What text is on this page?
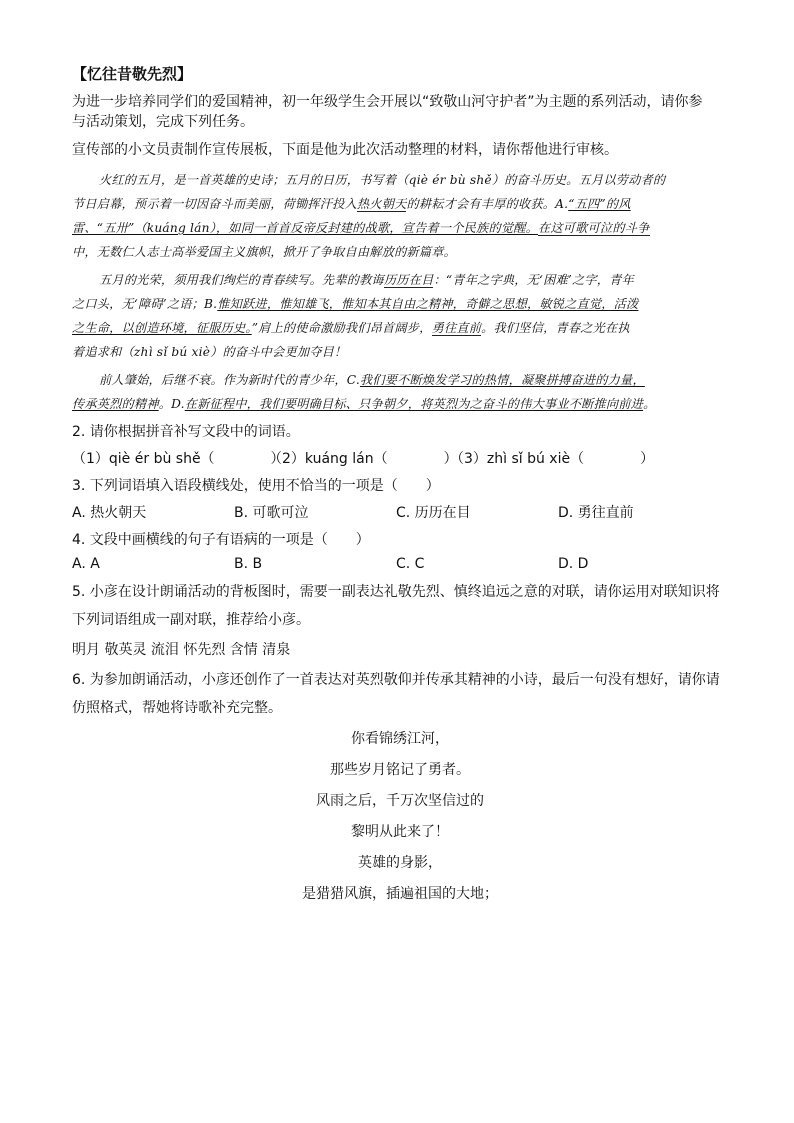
【忆往昔敬先烈】

为进一步培养同学们的爱国精神，初一年级学生会开展以“致敬山河守护者”为主题的系列活动，请你参

与活动策划，完成下列任务。

宣传部的小文员责制作宣传展板，下面是他为此次活动整理的材料，请你帮他进行审核。

火红的五月，是一首英雄的史诗；五月的日历，书写着（qiè ér bù shě）的奋斗历史。五月以劳动者的
节日启幕，预示着一切因奋斗而美丽，荷锄挥汗投入热火朝天的耕耘才会有丰厚的收获。A.“五四”的风
雷、“五卅”（kuáng lán），如同一首首反帝反封建的战歌，宣告着一个民族的觉醒。在这可歌可泣的斗争
中，无数仁人志士高举爱国主义旗帜，掀开了争取自由解放的新篇章。
五月的光荣，须用我们绚烂的青春续写。先辈的教诲历历在目：“青年之字典，无‘困难’之字，青年
之口头，无‘障碍’之语；B.惟知跃进，惟知雄飞，惟知本其自由之精神，奇僻之思想，敏锐之直觉，活泼
之生命，以创造环境，征服历史。”肩上的使命激励我们昂首阔步，勇往直前。我们坚信，青春之光在执
着追求和（zhì sǐ bú xiè）的奋斗中会更加夺目！
前人肇始，后继不衰。作为新时代的青少年，C.我们要不断焕发学习的热情，凝聚拼搏奋进的力量，
传承英烈的精神。D.在新征程中，我们要明确目标、只争朝夕，将英烈为之奋斗的伟大事业不断推向前进。

2. 请你根据拼音补写文段中的词语。

（1）qiè ér bù shě（　　　　）
（2）kuáng lán（　　　　）
（3）zhì sǐ bú xiè（　　　　）

3. 下列词语填入语段横线处，使用不恰当的一项是（　　）

A. 热火朝天	B. 可歌可泣	C. 历历在目	D. 勇往直前

4. 文段中画横线的句子有语病的一项是（　　）

A. A	B. B	C. C	D. D

5. 小彦在设计朗诵活动的背板图时，需要一副表达礼敬先烈、慎终追远之意的对联，请你运用对联知识将

下列词语组成一副对联，推荐给小彦。

明月 敬英灵 流泪 怀先烈 含情 清泉

6. 为参加朗诵活动，小彦还创作了一首表达对英烈敬仰并传承其精神的小诗，最后一句没有想好，请你请

仿照格式，帮她将诗歌补充完整。

你看锦绣江河，
那些岁月铭记了勇者。
风雨之后，千万次坚信过的
黎明从此来了！
英雄的身影，
是猎猎风旗，插遍祖国的大地；
